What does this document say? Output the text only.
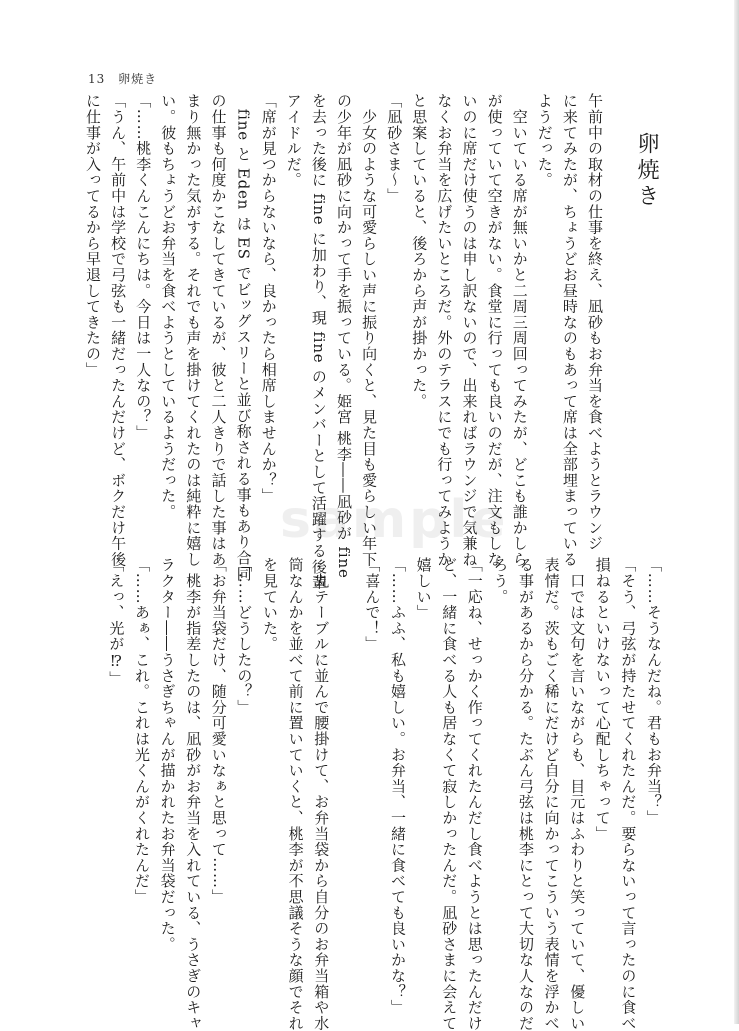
13 卵焼き
卵焼き
sample	午前中の取材の仕事を終え、凪砂もお弁当を食べようとラウンジ
に来てみたが、ちょうどお昼時なのもあって席は全部埋まっている
ようだった。
　空いている席が無いかと二周三周回ってみたが、どこも誰かしら
が使っていて空きがない。食堂に行っても良いのだが、注文もしな
いのに席だけ使うのは申し訳ないので、出来ればラウンジで気兼ね
なくお弁当を広げたいところだ。外のテラスにでも行ってみようか
と思案していると、後ろから声が掛かった。
「凪砂さま〜」
　少女のような可愛らしい声に振り向くと、見た目も愛らしい年下
の少年が凪砂に向かって手を振っている。姫宮 桃李――凪砂が fine
を去った後に fine に加わり、現 fine のメンバーとして活躍する後輩
アイドルだ。
「席が見つからないなら、良かったら相席しませんか？」
　fine と Eden は ES でビッグスリーと並び称される事もあり合同
の仕事も何度かこなしてきているが、彼と二人きりで話した事はあ
まり無かった気がする。それでも声を掛けてくれたのは純粋に嬉し
い。彼もちょうどお弁当を食べようとしているようだった。
「……桃李くんこんにちは。今日は一人なの？」
「うん、午前中は学校で弓弦も一緒だったんだけど、ボクだけ午後
に仕事が入ってるから早退してきたの」
「……そうなんだね。君もお弁当？」
「そう、弓弦が持たせてくれたんだ。要らないって言ったのに食べ
損ねるといけないって心配しちゃって」
　口では文句を言いながらも、目元はふわりと笑っていて、優しい
表情だ。茨もごく稀にだけど自分に向かってこういう表情を浮かべ
る事があるから分かる。たぶん弓弦は桃李にとって大切な人なのだ
ろう。
「一応ね、せっかく作ってくれたんだし食べようとは思ったんだけ
ど、一緒に食べる人も居なくて寂しかったんだ。凪砂さまに会えて
嬉しい」
「……ふふ、私も嬉しい。お弁当、一緒に食べても良いかな？」
「喜んで！」
　丸テーブルに並んで腰掛けて、お弁当袋から自分のお弁当箱や水
筒なんかを並べて前に置いていくと、桃李が不思議そうな顔でそれ
を見ていた。
「……どうしたの？」
「お弁当袋だけ、随分可愛いなぁと思って……」
　桃李が指差したのは、凪砂がお弁当を入れている、うさぎのキャ
ラクター――うさぎちゃんが描かれたお弁当袋だった。
「……あぁ、これ。これは光くんがくれたんだ」
「えっ、光が⁉」
